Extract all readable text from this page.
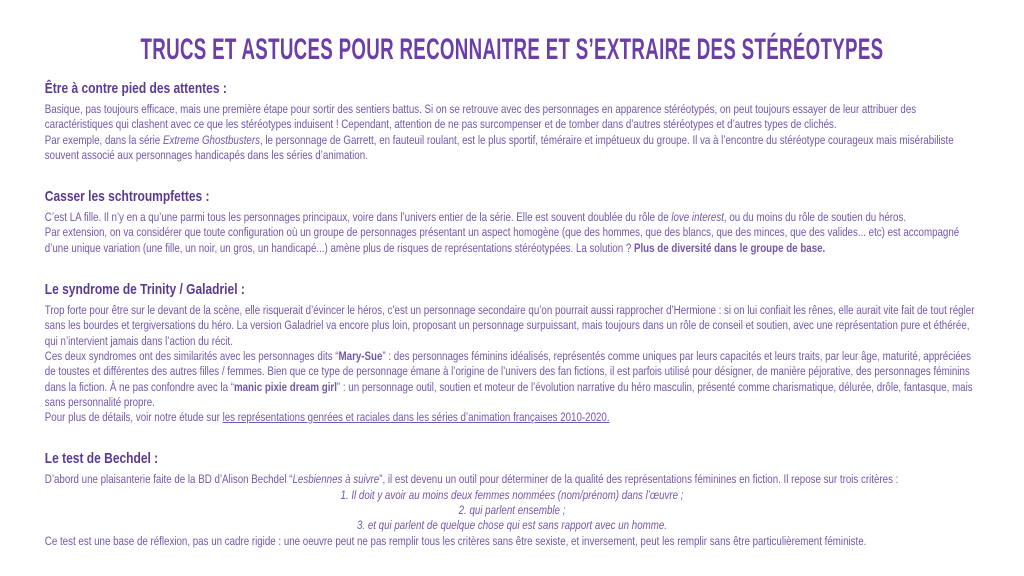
TRUCS ET ASTUCES POUR RECONNAITRE ET S’EXTRAIRE DES STÉRÉOTYPES
Être à contre pied des attentes :

Basique, pas toujours efficace, mais une première étape pour sortir des sentiers battus. Si on se retrouve avec des personnages en apparence stéréotypés, on peut toujours essayer de leur attribuer des caractéristiques qui clashent avec ce que les stéréotypes induisent ! Cependant, attention de ne pas surcompenser et de tomber dans d’autres stéréotypes et d’autres types de clichés.

Par exemple, dans la série Extreme Ghostbusters, le personnage de Garrett, en fauteuil roulant, est le plus sportif, téméraire et impétueux du groupe. Il va à l’encontre du stéréotype courageux mais misérabiliste souvent associé aux personnages handicapés dans les séries d’animation.

Casser les schtroumpfettes :

C’est LA fille. Il n’y en a qu’une parmi tous les personnages principaux, voire dans l’univers entier de la série. Elle est souvent doublée du rôle de love interest, ou du moins du rôle de soutien du héros.

Par extension, on va considérer que toute configuration où un groupe de personnages présentant un aspect homogène (que des hommes, que des blancs, que des minces, que des valides... etc) est accompagné d’une unique variation (une fille, un noir, un gros, un handicapé...) amène plus de risques de représentations stéréotypées. La solution ? Plus de diversité dans le groupe de base.

Le syndrome de Trinity / Galadriel :

Trop forte pour être sur le devant de la scène, elle risquerait d’évincer le héros, c’est un personnage secondaire qu’on pourrait aussi rapprocher d’Hermione : si on lui confiait les rênes, elle aurait vite fait de tout régler sans les bourdes et tergiversations du héro. La version Galadriel va encore plus loin, proposant un personnage surpuissant, mais toujours dans un rôle de conseil et soutien, avec une représentation pure et éthérée, qui n’intervient jamais dans l’action du récit.

Ces deux syndromes ont des similarités avec les personnages dits “Mary-Sue” : des personnages féminins idéalisés, représentés comme uniques par leurs capacités et leurs traits, par leur âge, maturité, appréciées de toustes et différentes des autres filles / femmes. Bien que ce type de personnage émane à l’origine de l’univers des fan fictions, il est parfois utilisé pour désigner, de manière péjorative, des personnages féminins dans la fiction. À ne pas confondre avec la “manic pixie dream girl” : un personnage outil, soutien et moteur de l’évolution narrative du héro masculin, présenté comme charismatique, délurée, drôle, fantasque, mais sans personnalité propre.

Pour plus de détails, voir notre étude sur les représentations genrées et raciales dans les séries d’animation françaises 2010-2020.

Le test de Bechdel :

D’abord une plaisanterie faite de la BD d’Alison Bechdel “Lesbiennes à suivre”, il est devenu un outil pour déterminer de la qualité des représentations féminines en fiction. Il repose sur trois critères :

1. Il doit y avoir au moins deux femmes nommées (nom/prénom) dans l’œuvre ;

2. qui parlent ensemble ;

3. et qui parlent de quelque chose qui est sans rapport avec un homme.

Ce test est une base de réflexion, pas un cadre rigide : une oeuvre peut ne pas remplir tous les critères sans être sexiste, et inversement, peut les remplir sans être particulièrement féministe.
